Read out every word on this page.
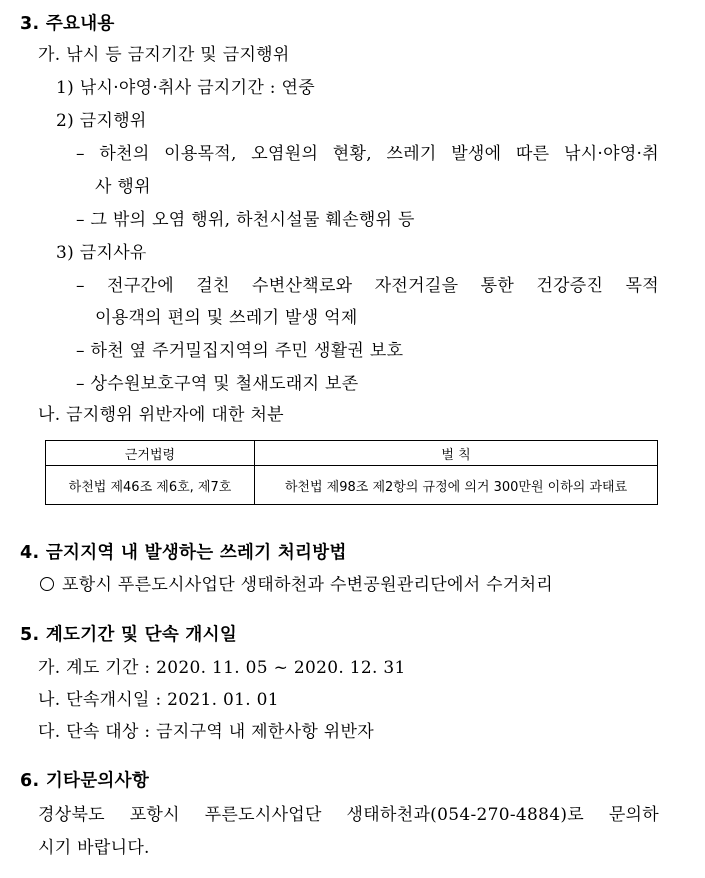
3. 주요내용
가. 낚시 등 금지기간 및 금지행위
1) 낚시·야영·취사 금지기간 : 연중
2) 금지행위
– 하천의 이용목적, 오염원의 현황, 쓰레기 발생에 따른 낚시·야영·취
사 행위
– 그 밖의 오염 행위, 하천시설물 훼손행위 등
3) 금지사유
– 전구간에 걸친 수변산책로와 자전거길을 통한 건강증진 목적
이용객의 편의 및 쓰레기 발생 억제
– 하천 옆 주거밀집지역의 주민 생활권 보호
– 상수원보호구역 및 철새도래지 보존
나. 금지행위 위반자에 대한 처분
근거법령	벌 칙
하천법 제46조 제6호, 제7호	하천법 제98조 제2항의 규정에 의거 300만원 이하의 과태료
4. 금지지역 내 발생하는 쓰레기 처리방법
포항시 푸른도시사업단 생태하천과 수변공원관리단에서 수거처리
5. 계도기간 및 단속 개시일
가. 계도 기간 : 2020. 11. 05 ~ 2020. 12. 31
나. 단속개시일 : 2021. 01. 01
다. 단속 대상 : 금지구역 내 제한사항 위반자
6. 기타문의사항
경상북도 포항시 푸른도시사업단 생태하천과(054-270-4884)로 문의하
시기 바랍니다.
